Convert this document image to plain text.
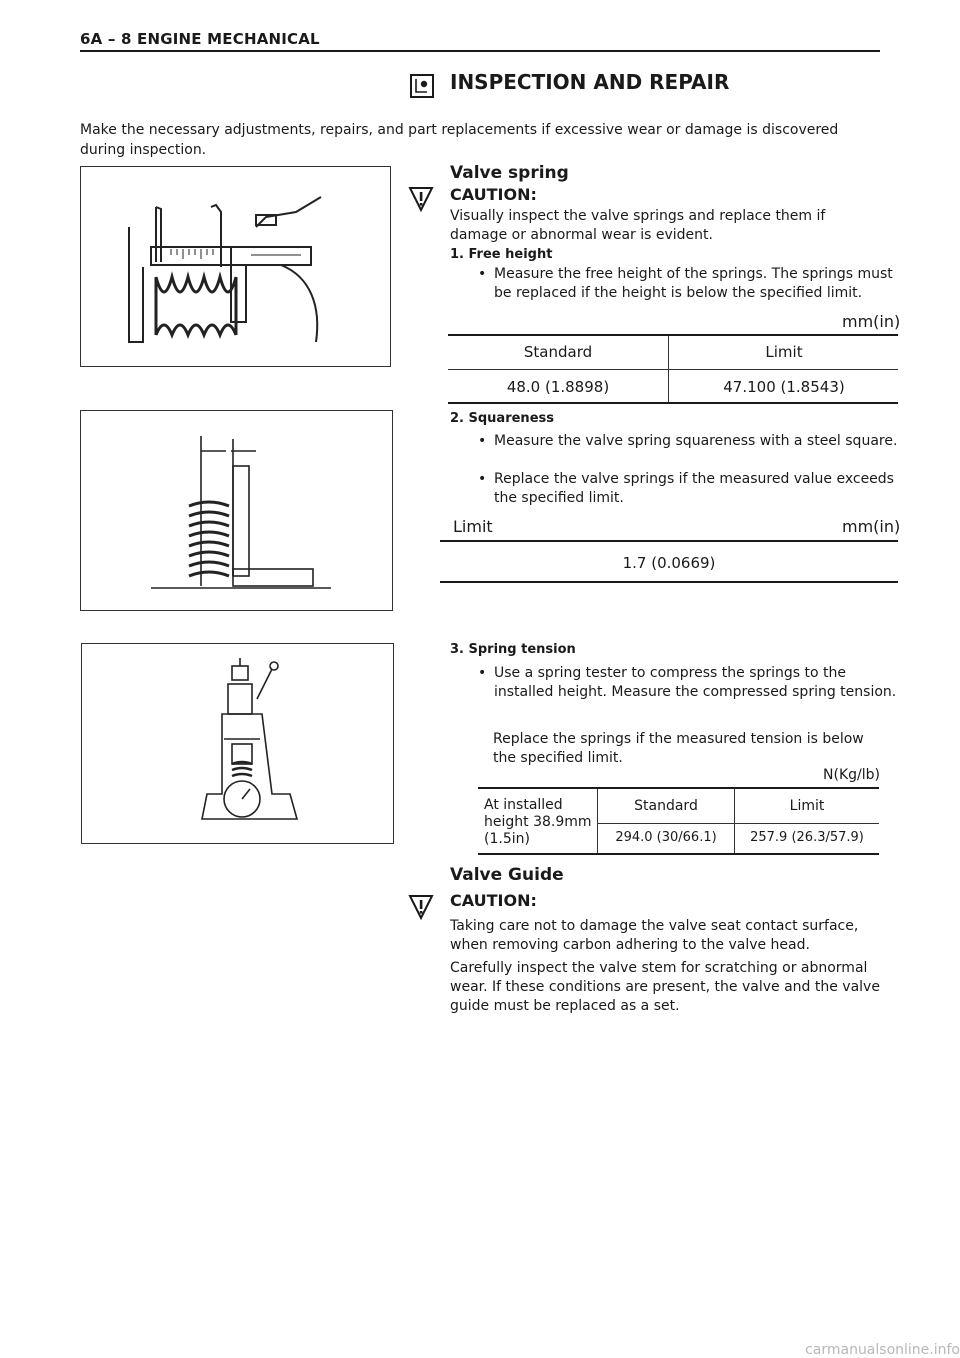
6A – 8 ENGINE MECHANICAL
INSPECTION AND REPAIR
Make the necessary adjustments, repairs, and part replacements if excessive wear or damage is discovered during inspection.
Valve spring
CAUTION:
Visually inspect the valve springs and replace them if damage or abnormal wear is evident.
1. Free height
• Measure the free height of the springs. The springs must be replaced if the height is below the specified limit.
mm(in)
Standard	Limit
48.0 (1.8898)	47.100 (1.8543)
2. Squareness
• Measure the valve spring squareness with a steel square.
• Replace the valve springs if the measured value exceeds the specified limit.
Limit	mm(in)
1.7 (0.0669)
3. Spring tension
• Use a spring tester to compress the springs to the installed height. Measure the compressed spring tension.
Replace the springs if the measured tension is below the specified limit.
N(Kg/lb)
At installed height 38.9mm (1.5in)
Standard	Limit
294.0 (30/66.1)	257.9 (26.3/57.9)
Valve Guide
CAUTION:
Taking care not to damage the valve seat contact surface, when removing carbon adhering to the valve head.
Carefully inspect the valve stem for scratching or abnormal wear. If these conditions are present, the valve and the valve guide must be replaced as a set.
carmanualsonline.info
